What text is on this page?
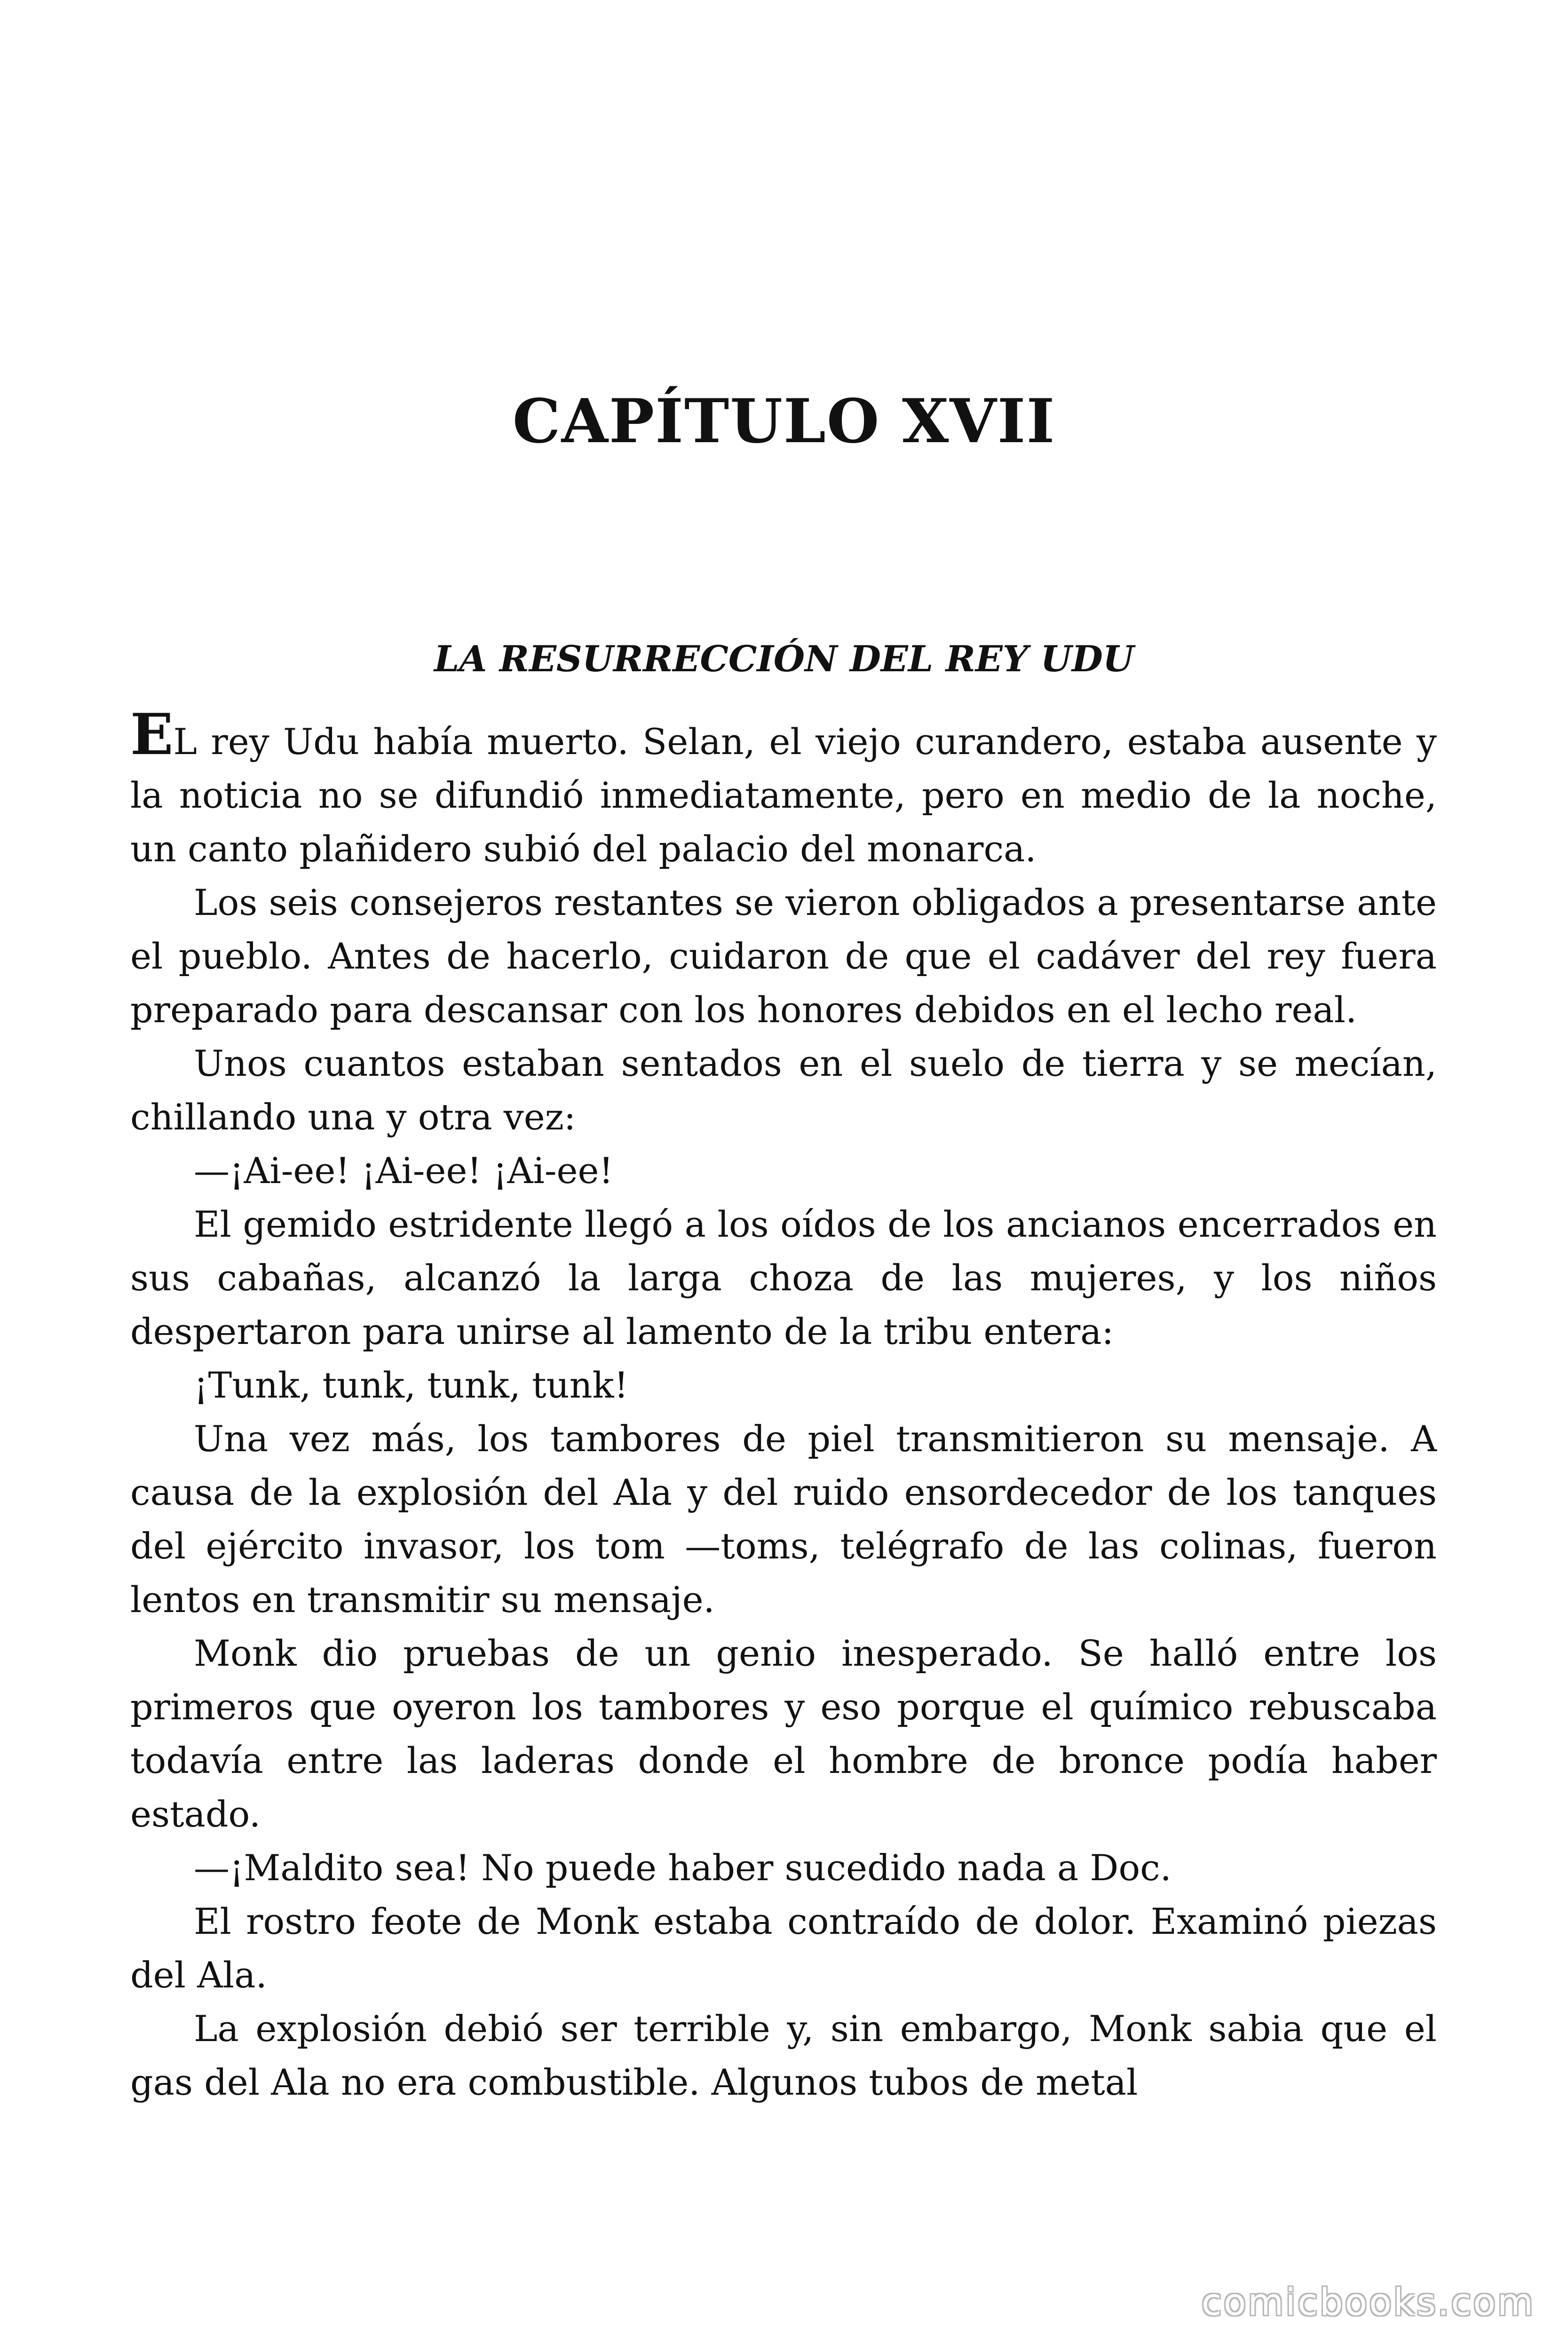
CAPÍTULO XVII
LA RESURRECCIÓN DEL REY UDU

EL rey Udu había muerto. Selan, el viejo curandero, estaba ausente y la noticia no se difundió inmediatamente, pero en medio de la noche, un canto plañidero subió del palacio del monarca.

Los seis consejeros restantes se vieron obligados a presentarse ante el pueblo. Antes de hacerlo, cuidaron de que el cadáver del rey fuera preparado para descansar con los honores debidos en el lecho real.

Unos cuantos estaban sentados en el suelo de tierra y se mecían, chillando una y otra vez:

—¡Ai-ee! ¡Ai-ee! ¡Ai-ee!

El gemido estridente llegó a los oídos de los ancianos encerrados en sus cabañas, alcanzó la larga choza de las mujeres, y los niños despertaron para unirse al lamento de la tribu entera:

¡Tunk, tunk, tunk, tunk!

Una vez más, los tambores de piel transmitieron su mensaje. A causa de la explosión del Ala y del ruido ensordecedor de los tanques del ejército invasor, los tom —toms, telégrafo de las colinas, fueron lentos en transmitir su mensaje.

Monk dio pruebas de un genio inesperado. Se halló entre los primeros que oyeron los tambores y eso porque el químico rebuscaba todavía entre las laderas donde el hombre de bronce podía haber estado.

—¡Maldito sea! No puede haber sucedido nada a Doc.

El rostro feote de Monk estaba contraído de dolor. Examinó piezas del Ala.

La explosión debió ser terrible y, sin embargo, Monk sabia que el gas del Ala no era combustible. Algunos tubos de metal

comicbooks.com
